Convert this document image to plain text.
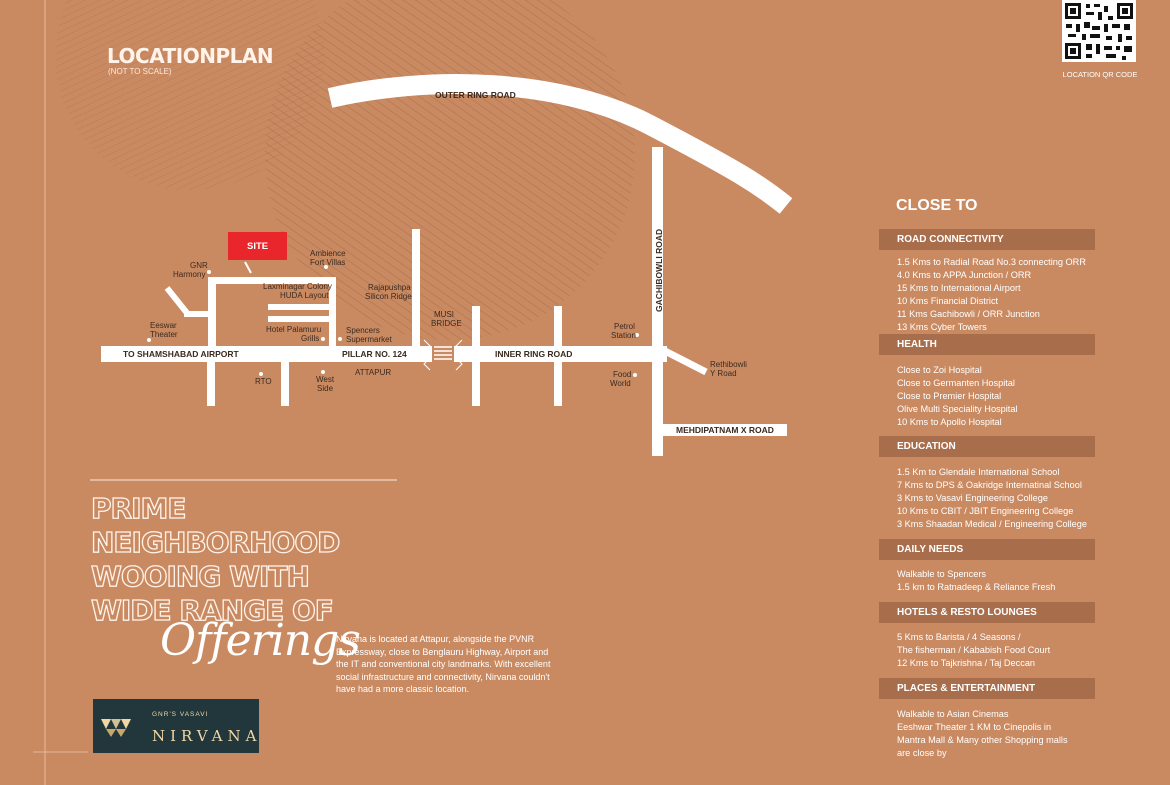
SITE
OUTER RING ROAD
GACHIBOWLI ROAD
TO SHAMSHABAD AIRPORT	PILLAR NO. 124	INNER RING ROAD
MEHDIPATNAM X ROAD
GNR
Harmony
Ambience
Fort Villas
Laxminagar Colony
HUDA Layout
Rajapushpa
Silicon Ridge
Eeswar
Theater
Hotel Palamuru
Grills
Spencers
Supermarket
MUSI
BRIDGE	Petrol
Station
RTO	West
Side
ATTAPUR	Food
World
Rethibowli
Y Road
LOCATIONPLAN
(NOT TO SCALE)	LOCATION QR CODE
CLOSE TO
ROAD CONNECTIVITY
1.5 Kms to Radial Road No.3 connecting ORR
4.0 Kms to APPA Junction / ORR
15 Kms to International Airport
10 Kms Financial District
11 Kms Gachibowli / ORR Junction
13 Kms Cyber Towers
HEALTH
Close to Zoi Hospital
Close to Germanten Hospital
Close to Premier Hospital
Olive Multi Speciality Hospital
10 Kms to Apollo Hospital
EDUCATION
1.5 Km to Glendale International School
7 Kms to DPS & Oakridge Internatinal School
3 Kms to Vasavi Engineering College
10 Kms to CBIT / JBIT Engineering College
3 Kms Shaadan Medical / Engineering College
DAILY NEEDS
Walkable to Spencers
1.5 km to Ratnadeep & Reliance Fresh
HOTELS & RESTO LOUNGES
5 Kms to Barista / 4 Seasons /
The fisherman / Kababish Food Court
12 Kms to Tajkrishna / Taj Deccan
PLACES & ENTERTAINMENT
Walkable to Asian Cinemas
Eeshwar Theater 1 KM to Cinepolis in
Mantra Mall & Many other Shopping malls
are close by
PRIME
NEIGHBORHOOD
WOOING WITH
WIDE RANGE OF
Offerings
Nirvana is located at Attapur, alongside the PVNR Expressway, close to Benglauru Highway, Airport and the IT and conventional city landmarks. With excellent social infrastructure and connectivity, Nirvana couldn't have had a more classic location.
GNR'S VASAVI
NIRVANA
